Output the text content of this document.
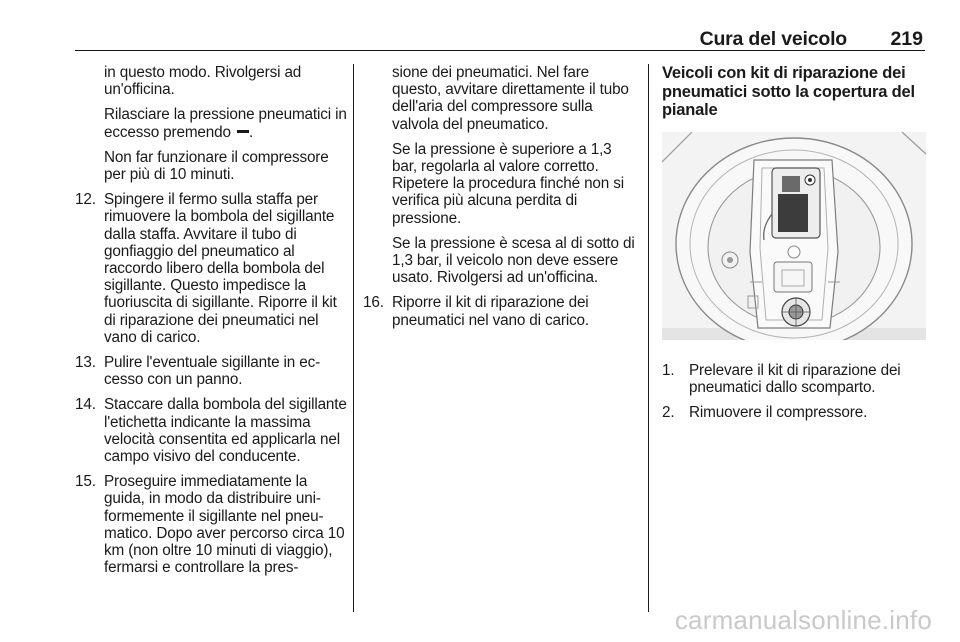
Cura del veicolo 219

in questo modo. Rivolgersi ad un'officina.

Rilasciare la pressione pneumatici in eccesso premendo .

Non far funzionare il compressore per più di 10 minuti.

12. Spingere il fermo sulla staffa per rimuovere la bombola del sigillante dalla staffa. Avvitare il tubo di gonfiaggio del pneumatico al raccordo libero della bombola del sigillante. Questo impedisce la fuoriuscita di sigillante. Riporre il kit di riparazione dei pneumatici nel vano di carico.
13. Pulire l'eventuale sigillante in eccesso con un panno.
14. Staccare dalla bombola del sigillante l'etichetta indicante la massima velocità consentita ed applicarla nel campo visivo del conducente.
15. Proseguire immediatamente la guida, in modo da distribuire uniformemente il sigillante nel pneumatico. Dopo aver percorso circa 10 km (non oltre 10 minuti di viaggio), fermarsi e controllare la pres-

sione dei pneumatici. Nel fare questo, avvitare direttamente il tubo dell'aria del compressore sulla valvola del pneumatico.

Se la pressione è superiore a 1,3 bar, regolarla al valore corretto. Ripetere la procedura finché non si verifica più alcuna perdita di pressione.

Se la pressione è scesa al di sotto di 1,3 bar, il veicolo non deve essere usato. Rivolgersi ad un'officina.

16. Riporre il kit di riparazione dei pneumatici nel vano di carico.
Veicoli con kit di riparazione dei pneumatici sotto la copertura del pianale
1. Prelevare il kit di riparazione dei pneumatici dallo scomparto.
2. Rimuovere il compressore.
carmanualsonline.info
